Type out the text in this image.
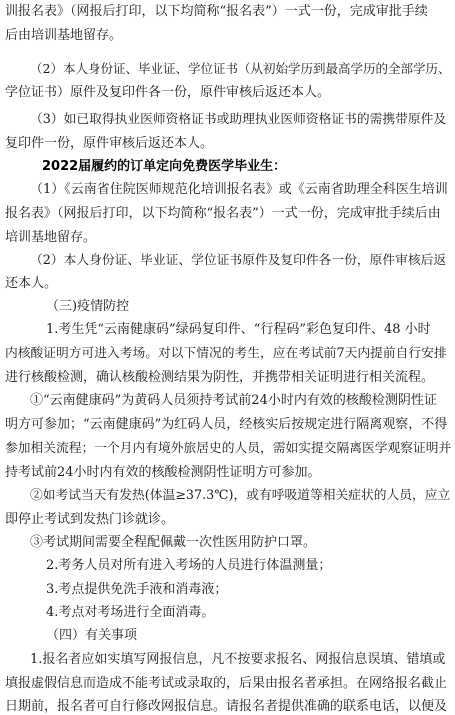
训报名表》（网报后打印，以下均简称“报名表”）一式一份，完成审批手续
后由培训基地留存。
（2）本人身份证、毕业证、学位证书（从初始学历到最高学历的全部学历、
学位证书）原件及复印件各一份，原件审核后返还本人。
（3）如已取得执业医师资格证书或助理执业医师资格证书的需携带原件及
复印件一份，原件审核后返还本人。
2022届履约的订单定向免费医学毕业生：
（1）《云南省住院医师规范化培训报名表》或《云南省助理全科医生培训
报名表》（网报后打印，以下均简称“报名表”）一式一份，完成审批手续后由
培训基地留存。
（2）本人身份证、毕业证、学位证书原件及复印件各一份，原件审核后返
还本人。
（三)疫情防控
1.考生凭“云南健康码”绿码复印件、“行程码”彩色复印件、48 小时
内核酸证明方可进入考场。对以下情况的考生，应在考试前7天内提前自行安排
进行核酸检测，确认核酸检测结果为阴性，并携带相关证明进行相关流程。
①“云南健康码”为黄码人员须持考试前24小时内有效的核酸检测阴性证
明方可参加；“云南健康码”为红码人员，经核实后按规定进行隔离观察，不得
参加相关流程；一个月内有境外旅居史的人员，需如实提交隔离医学观察证明并
持考试前24小时内有效的核酸检测阴性证明方可参加。
②如考试当天有发热(体温≥37.3℃)，或有呼吸道等相关症状的人员，应立
即停止考试到发热门诊就诊。
③考试期间需要全程配佩戴一次性医用防护口罩。
2.考务人员对所有进入考场的人员进行体温测量；
3.考点提供免洗手液和消毒液；
4.考点对考场进行全面消毒。
（四）有关事项
1.报名者应如实填写网报信息，凡不按要求报名、网报信息误填、错填或
填报虚假信息而造成不能考试或录取的，后果由报名者承担。在网络报名截止
日期前，报名者可自行修改网报信息。请报名者提供准确的联系电话，以便及
